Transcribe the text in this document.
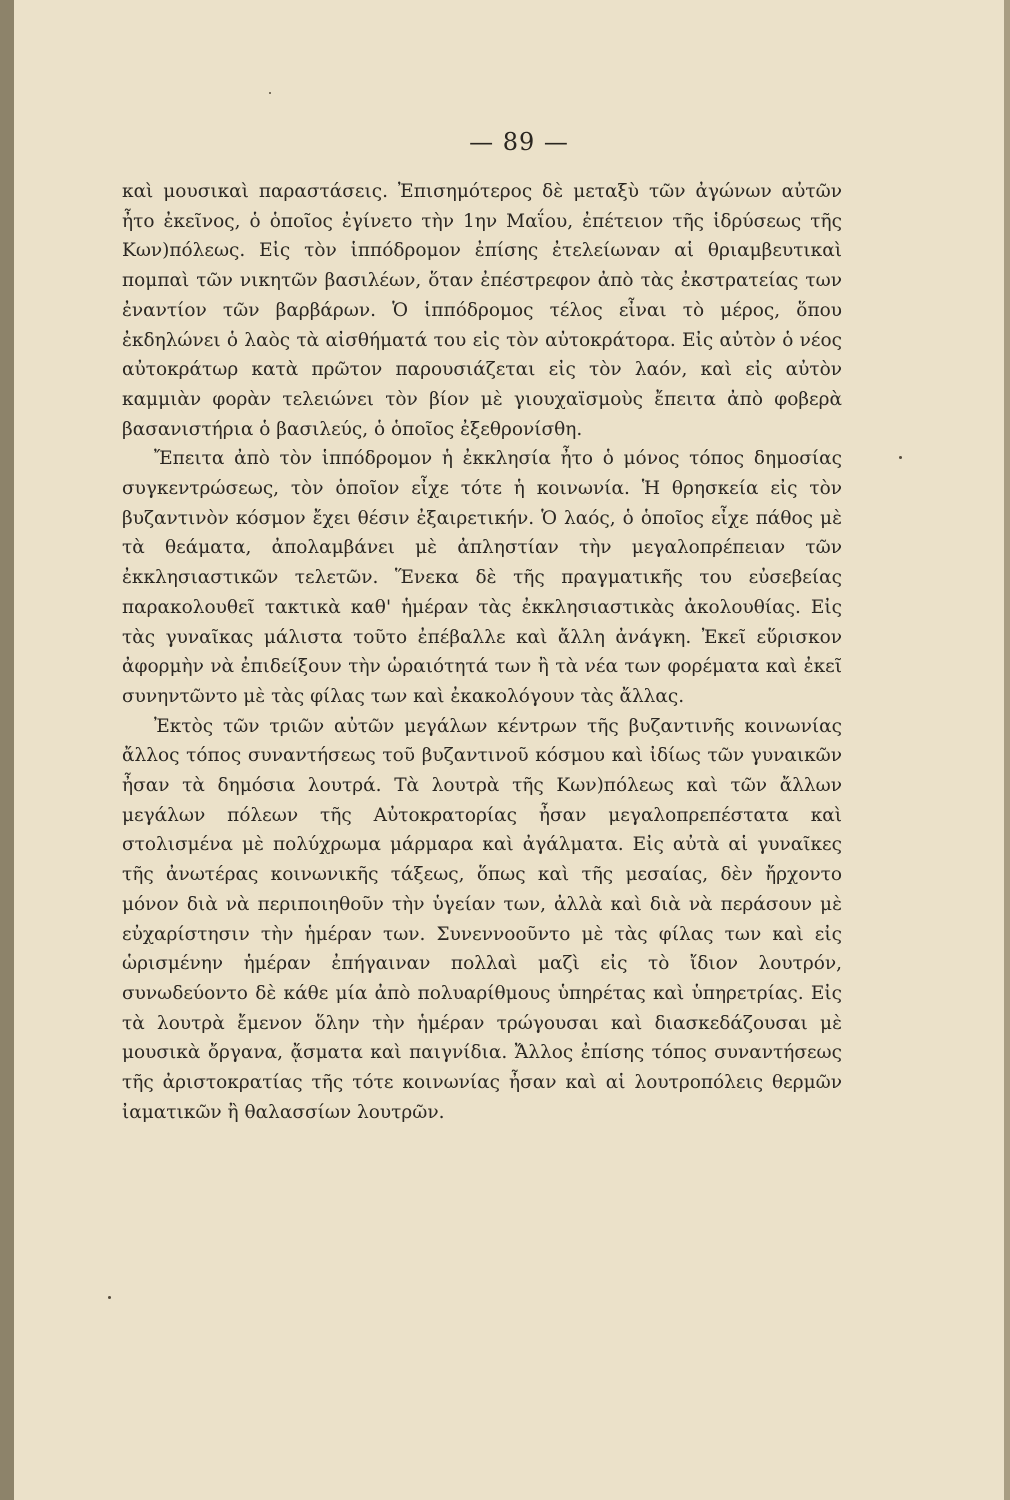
— 89 —

καὶ μουσικαὶ παραστάσεις. Ἐπισημότερος δὲ μεταξὺ τῶν ἀγώνων αὐτῶν ἦτο ἐκεῖνος, ὁ ὁποῖος ἐγίνετο τὴν 1ην Μαΐου, ἐπέτειον τῆς ἱδρύσεως τῆς Κων)πόλεως. Εἰς τὸν ἱππόδρομον ἐπίσης ἐτελείωναν αἱ θριαμβευτικαὶ πομπαὶ τῶν νικητῶν βασιλέων, ὅταν ἐπέστρεφον ἀπὸ τὰς ἐκστρατείας των ἐναντίον τῶν βαρβάρων. Ὁ ἱππόδρομος τέλος εἶναι τὸ μέρος, ὅπου ἐκδηλώνει ὁ λαὸς τὰ αἰσθήματά του εἰς τὸν αὐτοκράτορα. Εἰς αὐτὸν ὁ νέος αὐτοκράτωρ κατὰ πρῶτον παρουσιάζεται εἰς τὸν λαόν, καὶ εἰς αὐτὸν καμμιὰν φορὰν τελειώνει τὸν βίον μὲ γιουχαϊσμοὺς ἔπειτα ἀπὸ φοβερὰ βασανιστήρια ὁ βασιλεύς, ὁ ὁποῖος ἐξεθρονίσθη.

Ἔπειτα ἀπὸ τὸν ἱππόδρομον ἡ ἐκκλησία ἦτο ὁ μόνος τόπος δημοσίας συγκεντρώσεως, τὸν ὁποῖον εἶχε τότε ἡ κοινωνία. Ἡ θρησκεία εἰς τὸν βυζαντινὸν κόσμον ἔχει θέσιν ἐξαιρετικήν. Ὁ λαός, ὁ ὁποῖος εἶχε πάθος μὲ τὰ θεάματα, ἀπολαμβάνει μὲ ἀπληστίαν τὴν μεγαλοπρέπειαν τῶν ἐκκλησιαστικῶν τελετῶν. Ἕνεκα δὲ τῆς πραγματικῆς του εὐσεβείας παρακολουθεῖ τακτικὰ καθ' ἡμέραν τὰς ἐκκλησιαστικὰς ἀκολουθίας. Εἰς τὰς γυναῖκας μάλιστα τοῦτο ἐπέβαλλε καὶ ἄλλη ἀνάγκη. Ἐκεῖ εὕρισκον ἀφορμὴν νὰ ἐπιδείξουν τὴν ὡραιότητά των ἢ τὰ νέα των φορέματα καὶ ἐκεῖ συνηντῶντο μὲ τὰς φίλας των καὶ ἐκακολόγουν τὰς ἄλλας.

Ἐκτὸς τῶν τριῶν αὐτῶν μεγάλων κέντρων τῆς βυζαντινῆς κοινωνίας ἄλλος τόπος συναντήσεως τοῦ βυζαντινοῦ κόσμου καὶ ἰδίως τῶν γυναικῶν ἦσαν τὰ δημόσια λουτρά. Τὰ λουτρὰ τῆς Κων)πόλεως καὶ τῶν ἄλλων μεγάλων πόλεων τῆς Αὐτοκρατορίας ἦσαν μεγαλοπρεπέστατα καὶ στολισμένα μὲ πολύχρωμα μάρμαρα καὶ ἀγάλματα. Εἰς αὐτὰ αἱ γυναῖκες τῆς ἀνωτέρας κοινωνικῆς τάξεως, ὅπως καὶ τῆς μεσαίας, δὲν ἤρχοντο μόνον διὰ νὰ περιποιηθοῦν τὴν ὑγείαν των, ἀλλὰ καὶ διὰ νὰ περάσουν μὲ εὐχαρίστησιν τὴν ἡμέραν των. Συνεννοοῦντο μὲ τὰς φίλας των καὶ εἰς ὡρισμένην ἡμέραν ἐπήγαιναν πολλαὶ μαζὶ εἰς τὸ ἴδιον λουτρόν, συνωδεύοντο δὲ κάθε μία ἀπὸ πολυαρίθμους ὑπηρέτας καὶ ὑπηρετρίας. Εἰς τὰ λουτρὰ ἔμενον ὅλην τὴν ἡμέραν τρώγουσαι καὶ διασκεδάζουσαι μὲ μουσικὰ ὄργανα, ᾄσματα καὶ παιγνίδια. Ἄλλος ἐπίσης τόπος συναντήσεως τῆς ἀριστοκρατίας τῆς τότε κοινωνίας ἦσαν καὶ αἱ λουτροπόλεις θερμῶν ἰαματικῶν ἢ θαλασσίων λουτρῶν.
